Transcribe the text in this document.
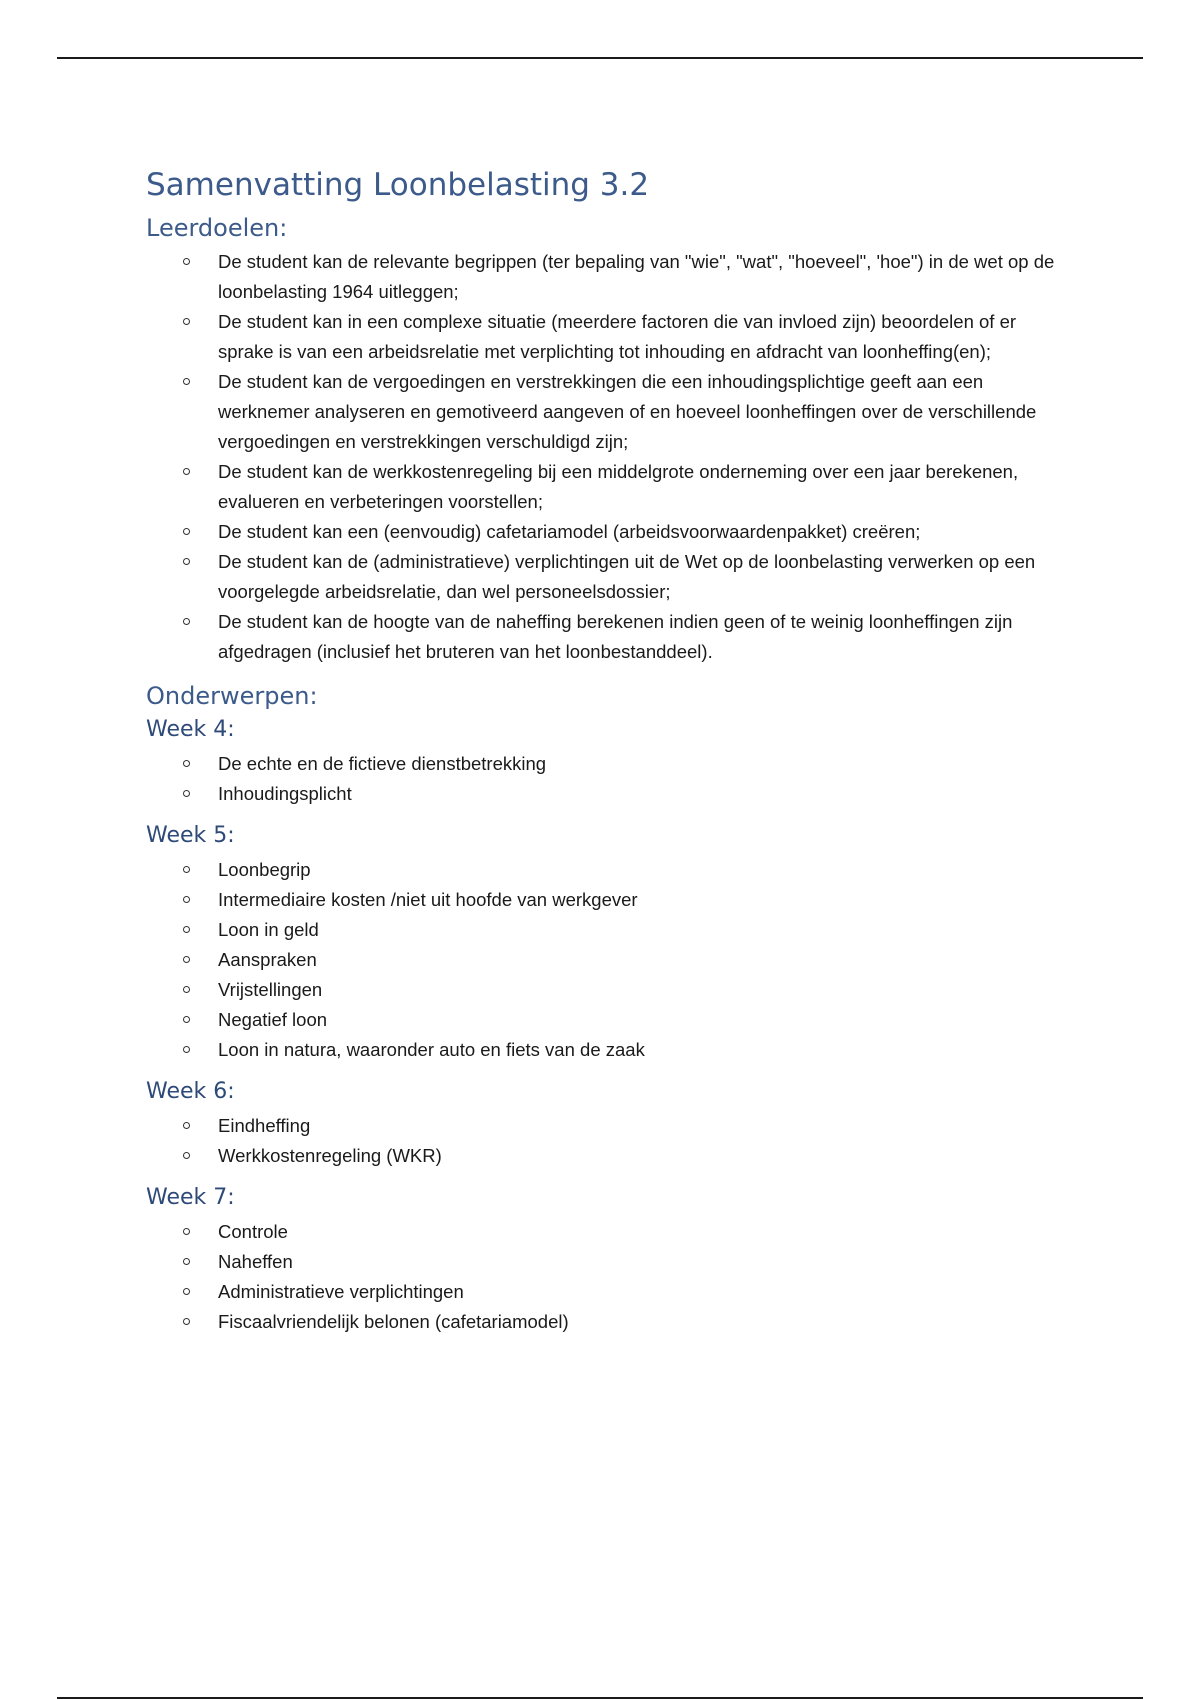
Samenvatting Loonbelasting 3.2
Leerdoelen:
De student kan de relevante begrippen (ter bepaling van "wie", "wat", "hoeveel", 'hoe") in de wet op de loonbelasting 1964 uitleggen;
De student kan in een complexe situatie (meerdere factoren die van invloed zijn) beoordelen of er sprake is van een arbeidsrelatie met verplichting tot inhouding en afdracht van loonheffing(en);
De student kan de vergoedingen en verstrekkingen die een inhoudingsplichtige geeft aan een werknemer analyseren en gemotiveerd aangeven of en hoeveel loonheffingen over de verschillende vergoedingen en verstrekkingen verschuldigd zijn;
De student kan de werkkostenregeling bij een middelgrote onderneming over een jaar berekenen, evalueren en verbeteringen voorstellen;
De student kan een (eenvoudig) cafetariamodel (arbeidsvoorwaardenpakket) creëren;
De student kan de (administratieve) verplichtingen uit de Wet op de loonbelasting verwerken op een voorgelegde arbeidsrelatie, dan wel personeelsdossier;
De student kan de hoogte van de naheffing berekenen indien geen of te weinig loonheffingen zijn afgedragen (inclusief het bruteren van het loonbestanddeel).
Onderwerpen:
Week 4:
De echte en de fictieve dienstbetrekking
Inhoudingsplicht
Week 5:
Loonbegrip
Intermediaire kosten /niet uit hoofde van werkgever
Loon in geld
Aanspraken
Vrijstellingen
Negatief loon
Loon in natura, waaronder auto en fiets van de zaak
Week 6:
Eindheffing
Werkkostenregeling (WKR)
Week 7:
Controle
Naheffen
Administratieve verplichtingen
Fiscaalvriendelijk belonen (cafetariamodel)
